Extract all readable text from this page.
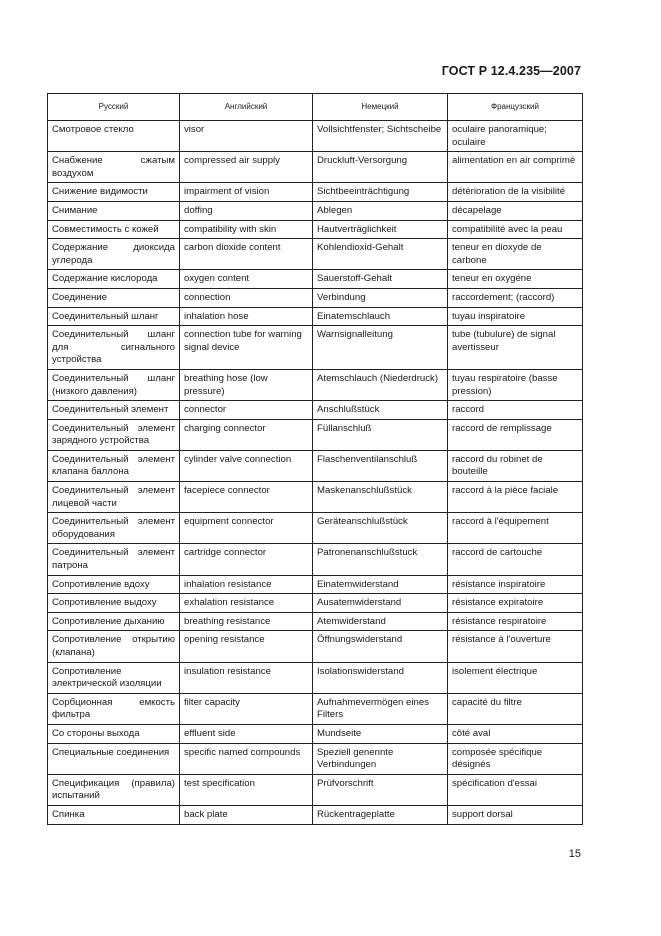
ГОСТ Р 12.4.235—2007
Русский	Английский	Немецкий	Французский
Смотровое стекло	visor	Vollsichtfenster; Sichtscheibe	oculaire panoramique; oculaire
Снабжение сжатым воздухом	compressed air supply	Druckluft-Versorgung	alimentation en air comprimé
Снижение видимости	impairment of vision	Sichtbeeinträchtigung	détérioration de la visibilité
Снимание	doffing	Ablegen	décapelage
Совместимость с кожей	compatibility with skin	Hautverträglichkeit	compatibilité avec la peau
Содержание диоксида углерода	carbon dioxide content	Kohlendioxid-Gehalt	teneur en dioxyde de carbone
Содержание кислорода	oxygen content	Sauerstoff-Gehalt	teneur en oxygéne
Соединение	connection	Verbindung	raccordement; (raccord)
Соединительный шланг	inhalation hose	Einatemschlauch	tuyau inspiratoire
Соединительный шланг для сигнального устройства	connection tube for warning signal device	Warnsignalleitung	tube (tubulure) de signal avertisseur
Соединительный шланг (низкого давления)	breathing hose (low pressure)	Atemschlauch (Niederdruck)	tuyau respiratoire (basse pression)
Соединительный элемент	connector	Anschlußstück	raccord
Соединительный элемент зарядного устройства	charging connector	Füllanschluß	raccord de remplissage
Соединительный элемент клапана баллона	cylinder valve connection	Flaschenventilanschluß	raccord du robinet de bouteille
Соединительный элемент лицевой части	facepiece connector	Maskenanschlußstück	raccord à la pièce faciale
Соединительный элемент оборудования	equipment connector	Geräteanschlußstück	raccord à l'équipement
Соединительный элемент патрона	cartridge connector	Patronenanschlußstuck	raccord de cartouche
Сопротивление вдоху	inhalation resistance	Einatemwiderstand	résistance inspiratoire
Сопротивление выдоху	exhalation resistance	Ausatemwiderstand	résistance expiratoire
Сопротивление дыханию	breathing resistance	Atemwiderstand	résistance respiratoire
Сопротивление открытию (клапана)	opening resistance	Öffnungswiderstand	résistance à l'ouverture
Сопротивление электрической изоляции	insulation resistance	Isolationswiderstand	isolement électrique
Сорбционная емкость фильтра	filter capacity	Aufnahmevermögen eines Filters	capacité du filtre
Со стороны выхода	effluent side	Mundseite	côté aval
Специальные соединения	specific named compounds	Speziell genennte Verbindungen	composée spécifique désignés
Спецификация (правила) испытаний	test specification	Prüfvorschrift	spécification d'essai
Спинка	back plate	Rückentrageplatte	support dorsal
15
